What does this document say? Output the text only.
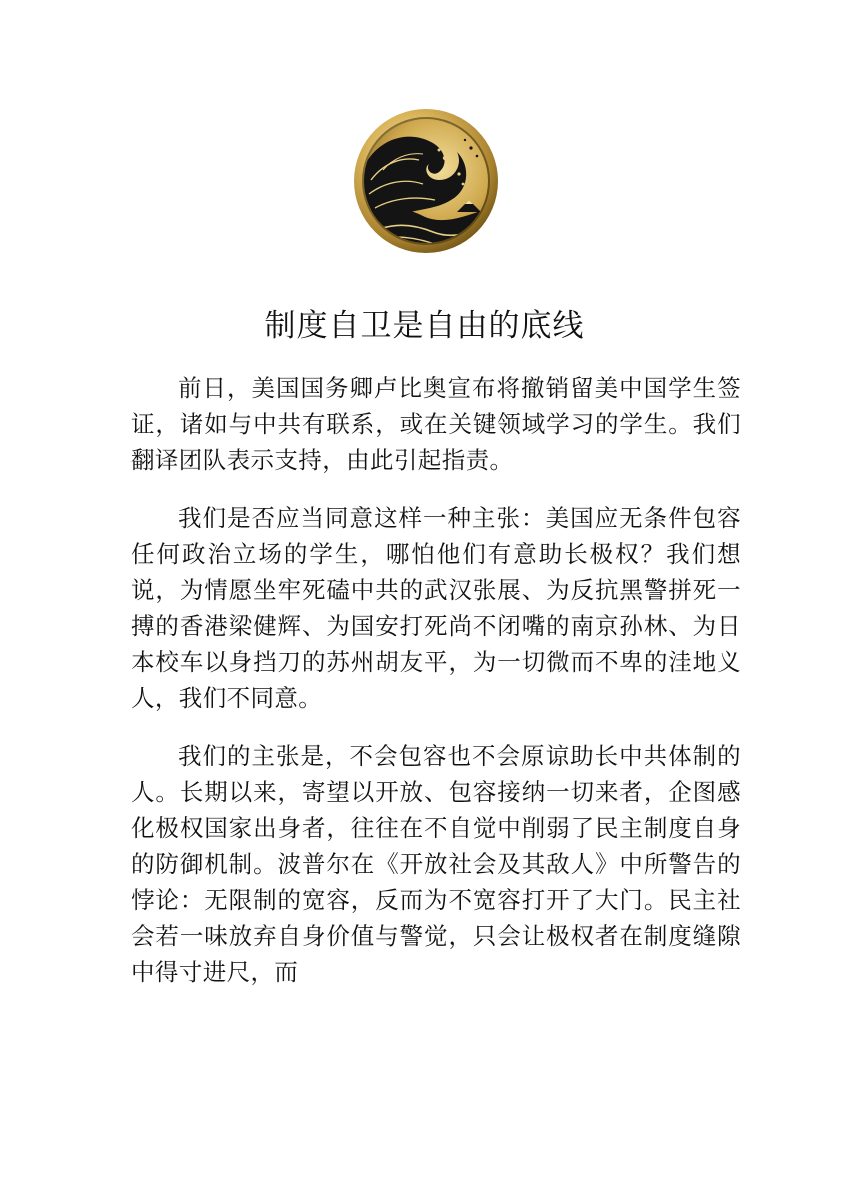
制度自卫是自由的底线

前日，美国国务卿卢比奥宣布将撤销留美中国学生签证，诸如与中共有联系，或在关键领域学习的学生。我们翻译团队表示支持，由此引起指责。

我们是否应当同意这样一种主张：美国应无条件包容任何政治立场的学生，哪怕他们有意助长极权？我们想说，为情愿坐牢死磕中共的武汉张展、为反抗黑警拼死一搏的香港梁健辉、为国安打死尚不闭嘴的南京孙林、为日本校车以身挡刀的苏州胡友平，为一切微而不卑的洼地义人，我们不同意。

我们的主张是，不会包容也不会原谅助长中共体制的人。长期以来，寄望以开放、包容接纳一切来者，企图感化极权国家出身者，往往在不自觉中削弱了民主制度自身的防御机制。波普尔在《开放社会及其敌人》中所警告的悖论：无限制的宽容，反而为不宽容打开了大门。民主社会若一味放弃自身价值与警觉，只会让极权者在制度缝隙中得寸进尺，而
